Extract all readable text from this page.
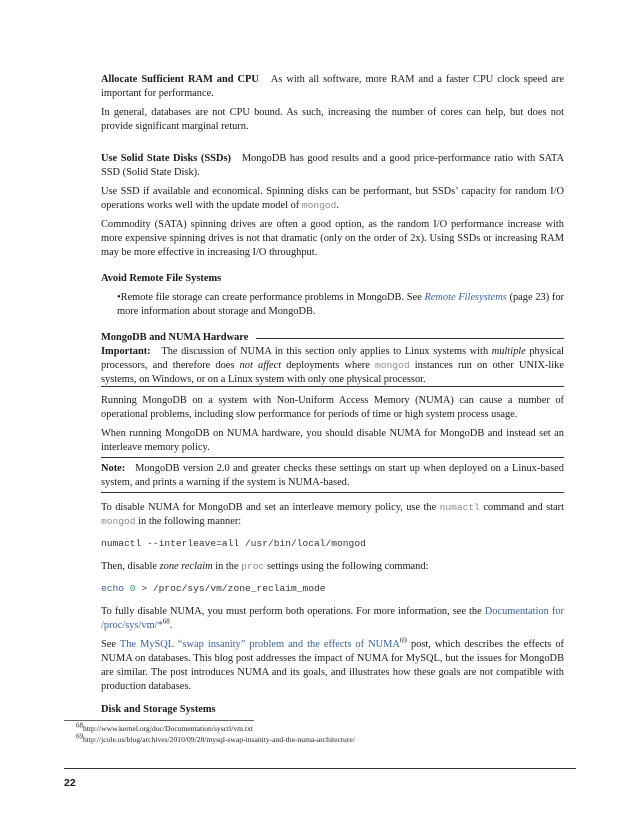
Allocate Sufficient RAM and CPU As with all software, more RAM and a faster CPU clock speed are important for performance.

In general, databases are not CPU bound. As such, increasing the number of cores can help, but does not provide significant marginal return.

Use Solid State Disks (SSDs) MongoDB has good results and a good price-performance ratio with SATA SSD (Solid State Disk).

Use SSD if available and economical. Spinning disks can be performant, but SSDs’ capacity for random I/O operations works well with the update model of mongod.

Commodity (SATA) spinning drives are often a good option, as the random I/O performance increase with more expensive spinning drives is not that dramatic (only on the order of 2x). Using SSDs or increasing RAM may be more effective in increasing I/O throughput.

Avoid Remote File Systems

•Remote file storage can create performance problems in MongoDB. See Remote Filesystems (page 23) for more information about storage and MongoDB.

MongoDB and NUMA Hardware

Important: The discussion of NUMA in this section only applies to Linux systems with multiple physical processors, and therefore does not affect deployments where mongod instances run on other UNIX-like systems, on Windows, or on a Linux system with only one physical processor.

Running MongoDB on a system with Non-Uniform Access Memory (NUMA) can cause a number of operational problems, including slow performance for periods of time or high system process usage.

When running MongoDB on NUMA hardware, you should disable NUMA for MongoDB and instead set an interleave memory policy.

Note: MongoDB version 2.0 and greater checks these settings on start up when deployed on a Linux-based system, and prints a warning if the system is NUMA-based.

To disable NUMA for MongoDB and set an interleave memory policy, use the numactl command and start mongod in the following manner:

numactl --interleave=all /usr/bin/local/mongod

Then, disable zone reclaim in the proc settings using the following command:

echo 0 > /proc/sys/vm/zone_reclaim_mode

To fully disable NUMA, you must perform both operations. For more information, see the Documentation for /proc/sys/vm/*$^{68}$.

See The MySQL “swap insanity” problem and the effects of NUMA$^{69}$ post, which describes the effects of NUMA on databases. This blog post addresses the impact of NUMA for MySQL, but the issues for MongoDB are similar. The post introduces NUMA and its goals, and illustrates how these goals are not compatible with production databases.

Disk and Storage Systems

$^{68}$http://www.kernel.org/doc/Documentation/sysctl/vm.txt
$^{69}$http://jcole.us/blog/archives/2010/09/28/mysql-swap-insanity-and-the-numa-architecture/
22
